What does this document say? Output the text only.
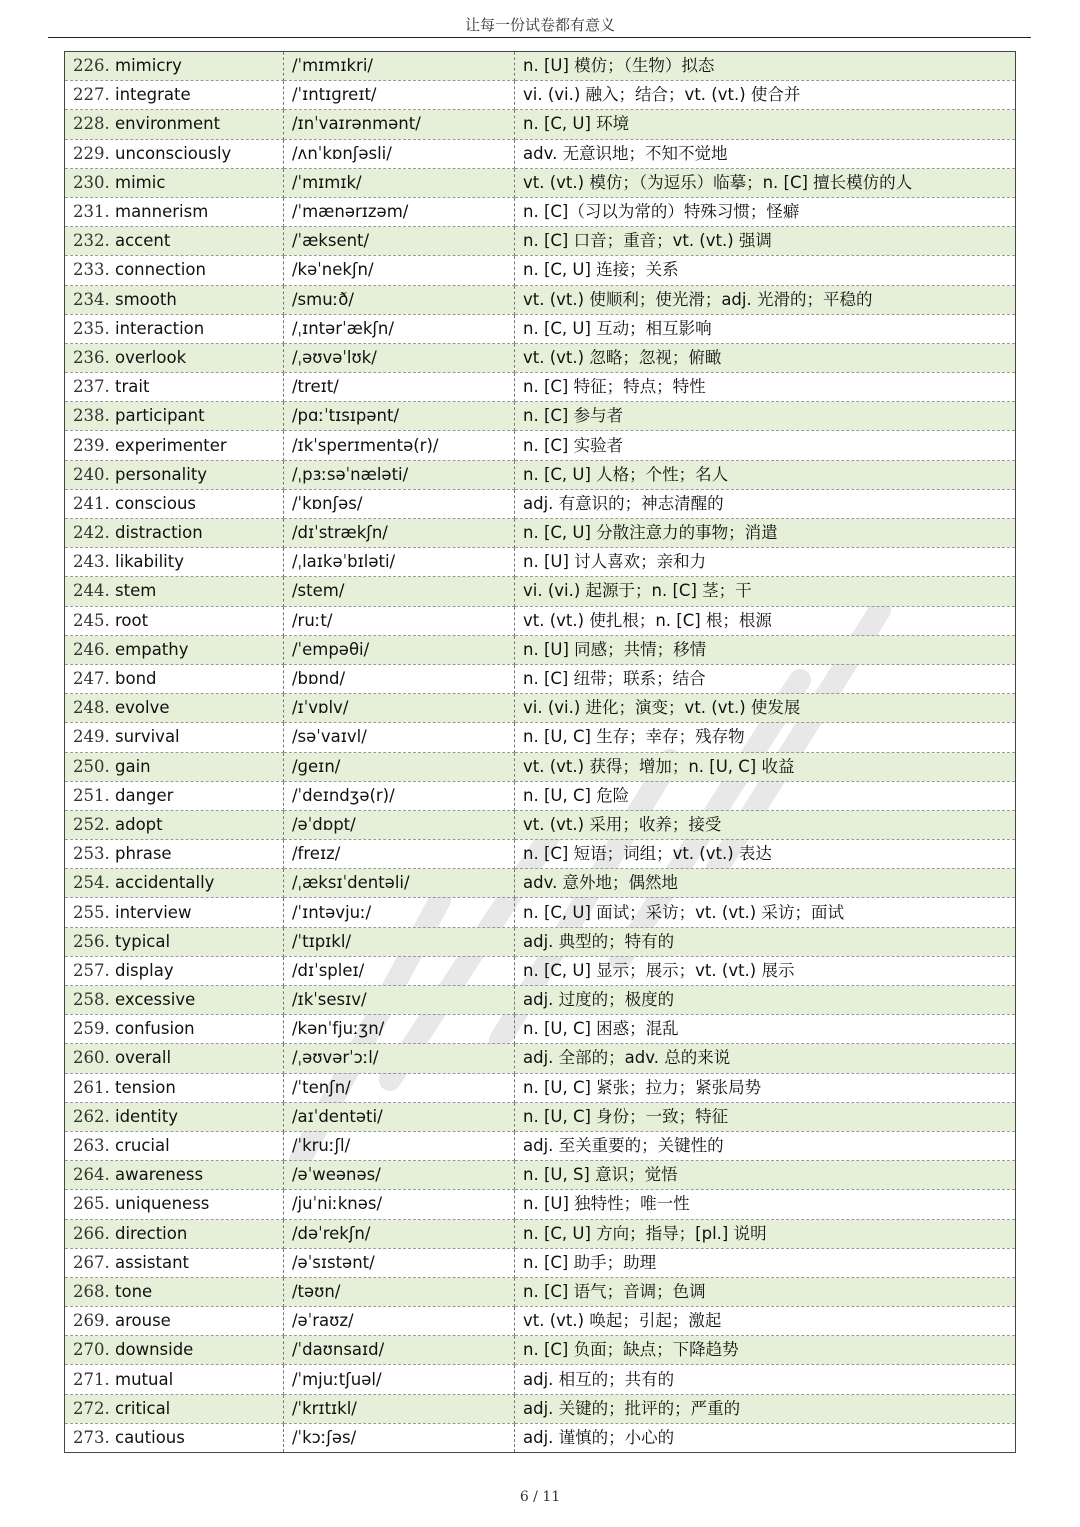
让每一份试卷都有意义
226. mimicry	/ˈmɪmɪkri/	n. [U] 模仿；（生物）拟态
227. integrate	/ˈɪntɪɡreɪt/	vi. (vi.) 融入；结合；vt. (vt.) 使合并
228. environment	/ɪnˈvaɪrənmənt/	n. [C, U] 环境
229. unconsciously	/ʌnˈkɒnʃəsli/	adv. 无意识地；不知不觉地
230. mimic	/ˈmɪmɪk/	vt. (vt.) 模仿；（为逗乐）临摹；n. [C] 擅长模仿的人
231. mannerism	/ˈmænərɪzəm/	n. [C]（习以为常的）特殊习惯；怪癖
232. accent	/ˈæksent/	n. [C] 口音；重音；vt. (vt.) 强调
233. connection	/kəˈnekʃn/	n. [C, U] 连接；关系
234. smooth	/smuːð/	vt. (vt.) 使顺利；使光滑；adj. 光滑的；平稳的
235. interaction	/ˌɪntərˈækʃn/	n. [C, U] 互动；相互影响
236. overlook	/ˌəʊvəˈlʊk/	vt. (vt.) 忽略；忽视；俯瞰
237. trait	/treɪt/	n. [C] 特征；特点；特性
238. participant	/pɑːˈtɪsɪpənt/	n. [C] 参与者
239. experimenter	/ɪkˈsperɪmentə(r)/	n. [C] 实验者
240. personality	/ˌpɜːsəˈnæləti/	n. [C, U] 人格；个性；名人
241. conscious	/ˈkɒnʃəs/	adj. 有意识的；神志清醒的
242. distraction	/dɪˈstrækʃn/	n. [C, U] 分散注意力的事物；消遣
243. likability	/ˌlaɪkəˈbɪləti/	n. [U] 讨人喜欢；亲和力
244. stem	/stem/	vi. (vi.) 起源于；n. [C] 茎；干
245. root	/ruːt/	vt. (vt.) 使扎根；n. [C] 根；根源
246. empathy	/ˈempəθi/	n. [U] 同感；共情；移情
247. bond	/bɒnd/	n. [C] 纽带；联系；结合
248. evolve	/ɪˈvɒlv/	vi. (vi.) 进化；演变；vt. (vt.) 使发展
249. survival	/səˈvaɪvl/	n. [U, C] 生存；幸存；残存物
250. gain	/ɡeɪn/	vt. (vt.) 获得；增加；n. [U, C] 收益
251. danger	/ˈdeɪndʒə(r)/	n. [U, C] 危险
252. adopt	/əˈdɒpt/	vt. (vt.) 采用；收养；接受
253. phrase	/freɪz/	n. [C] 短语；词组；vt. (vt.) 表达
254. accidentally	/ˌæksɪˈdentəli/	adv. 意外地；偶然地
255. interview	/ˈɪntəvjuː/	n. [C, U] 面试；采访；vt. (vt.) 采访；面试
256. typical	/ˈtɪpɪkl/	adj. 典型的；特有的
257. display	/dɪˈspleɪ/	n. [C, U] 显示；展示；vt. (vt.) 展示
258. excessive	/ɪkˈsesɪv/	adj. 过度的；极度的
259. confusion	/kənˈfjuːʒn/	n. [U, C] 困惑；混乱
260. overall	/ˌəʊvərˈɔːl/	adj. 全部的；adv. 总的来说
261. tension	/ˈtenʃn/	n. [U, C] 紧张；拉力；紧张局势
262. identity	/aɪˈdentəti/	n. [U, C] 身份；一致；特征
263. crucial	/ˈkruːʃl/	adj. 至关重要的；关键性的
264. awareness	/əˈweənəs/	n. [U, S] 意识；觉悟
265. uniqueness	/juˈniːknəs/	n. [U] 独特性；唯一性
266. direction	/dəˈrekʃn/	n. [C, U] 方向；指导；[pl.] 说明
267. assistant	/əˈsɪstənt/	n. [C] 助手；助理
268. tone	/təʊn/	n. [C] 语气；音调；色调
269. arouse	/əˈraʊz/	vt. (vt.) 唤起；引起；激起
270. downside	/ˈdaʊnsaɪd/	n. [C] 负面；缺点；下降趋势
271. mutual	/ˈmjuːtʃuəl/	adj. 相互的；共有的
272. critical	/ˈkrɪtɪkl/	adj. 关键的；批评的；严重的
273. cautious	/ˈkɔːʃəs/	adj. 谨慎的；小心的
6 / 11
